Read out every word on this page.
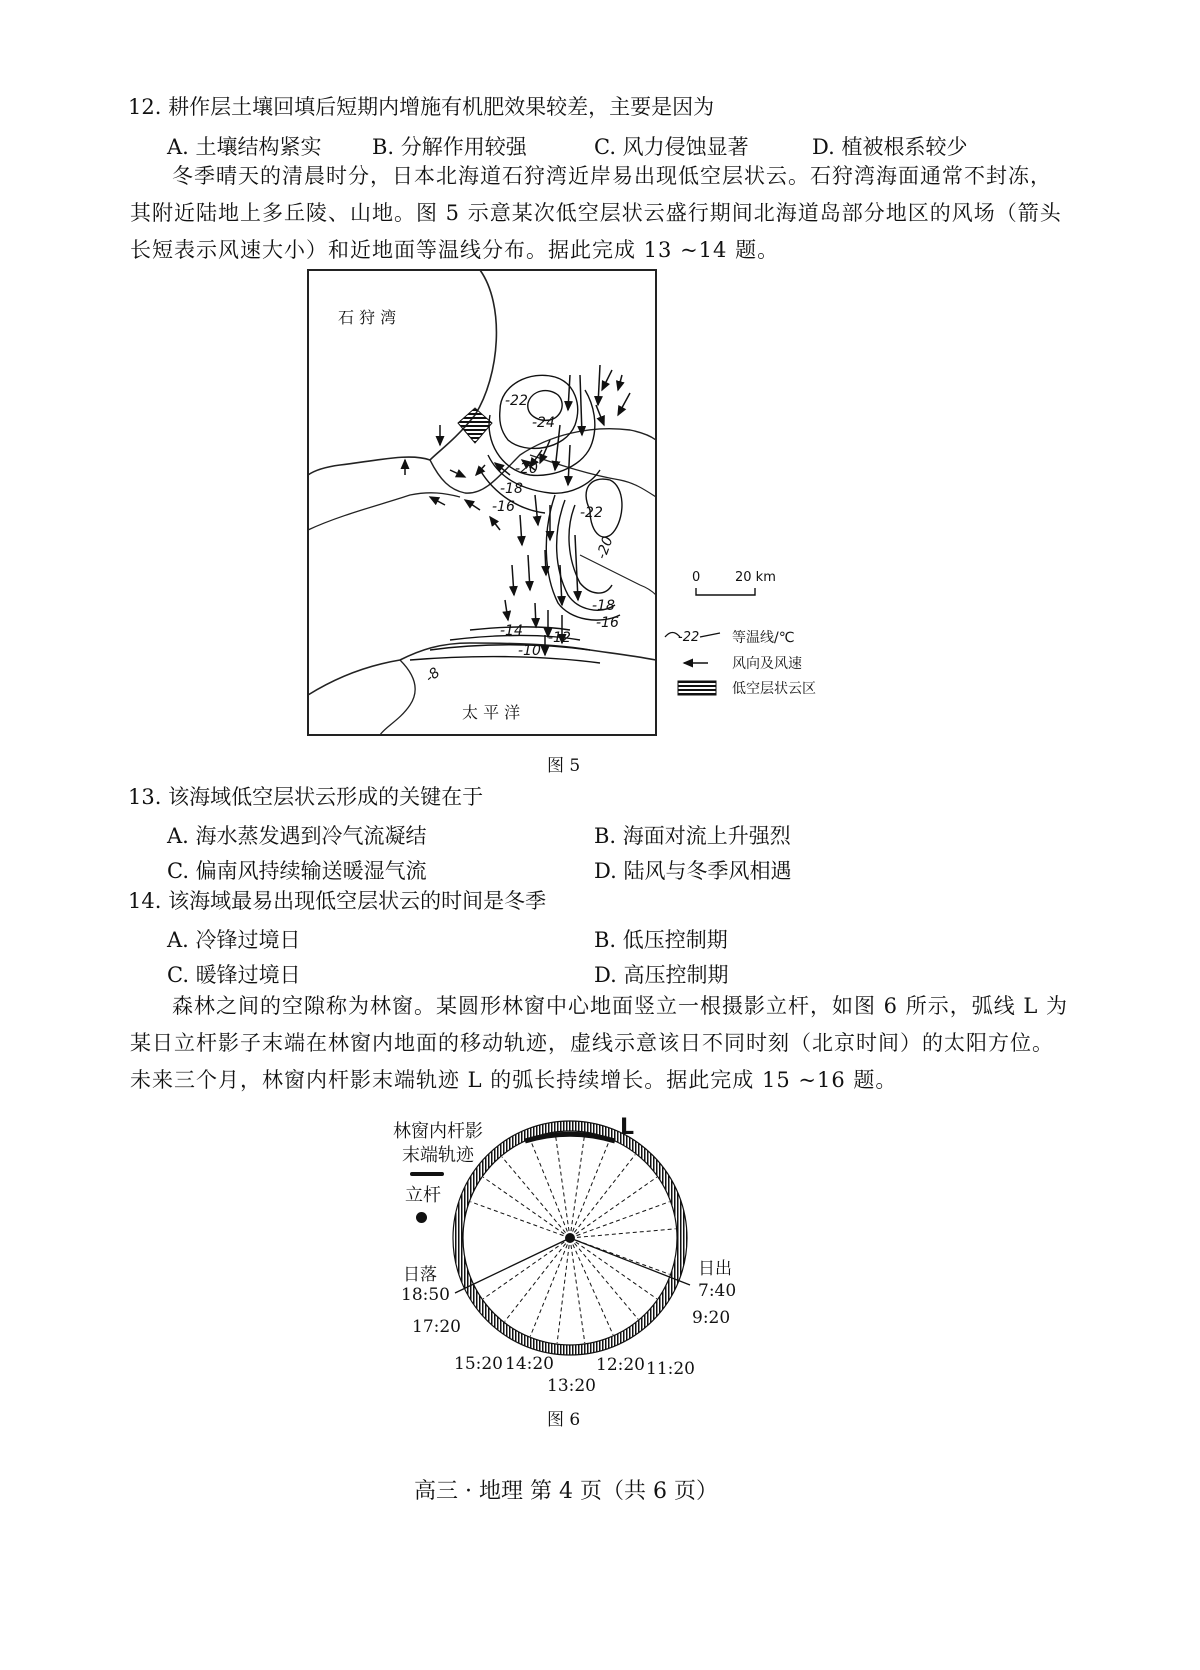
12. 耕作层土壤回填后短期内增施有机肥效果较差，主要是因为
A. 土壤结构紧实 B. 分解作用较强	C. 风力侵蚀显著	D. 植被根系较少
冬季晴天的清晨时分，日本北海道石狩湾近岸易出现低空层状云。石狩湾海面通常不封冻，其附近陆地上多丘陵、山地。图 5 示意某次低空层状云盛行期间北海道岛部分地区的风场（箭头长短表示风速大小）和近地面等温线分布。据此完成 13 ~14 题。
-22
-24
-20
-18
-16	-22
-20
-18
-16
-14 -12
-10
-8
石 狩 湾
太 平 洋
0	20 km
-22 等温线/℃
风向及风速
低空层状云区
图 5
13. 该海域低空层状云形成的关键在于
A. 海水蒸发遇到冷气流凝结	B. 海面对流上升强烈
C. 偏南风持续输送暖湿气流	D. 陆风与冬季风相遇
14. 该海域最易出现低空层状云的时间是冬季
A. 冷锋过境日	B. 低压控制期
C. 暖锋过境日	D. 高压控制期
森林之间的空隙称为林窗。某圆形林窗中心地面竖立一根摄影立杆，如图 6 所示，弧线 L 为某日立杆影子末端在林窗内地面的移动轨迹，虚线示意该日不同时刻（北京时间）的太阳方位。未来三个月，林窗内杆影末端轨迹 L 的弧长持续增长。据此完成 15 ~16 题。
L
林窗内杆影
末端轨迹
立杆
日落
18:50
17:20
15:20 14:20
13:20
12:20 11:20
9:20
日出
7:40
图 6
高三 · 地理 第 4 页（共 6 页）
